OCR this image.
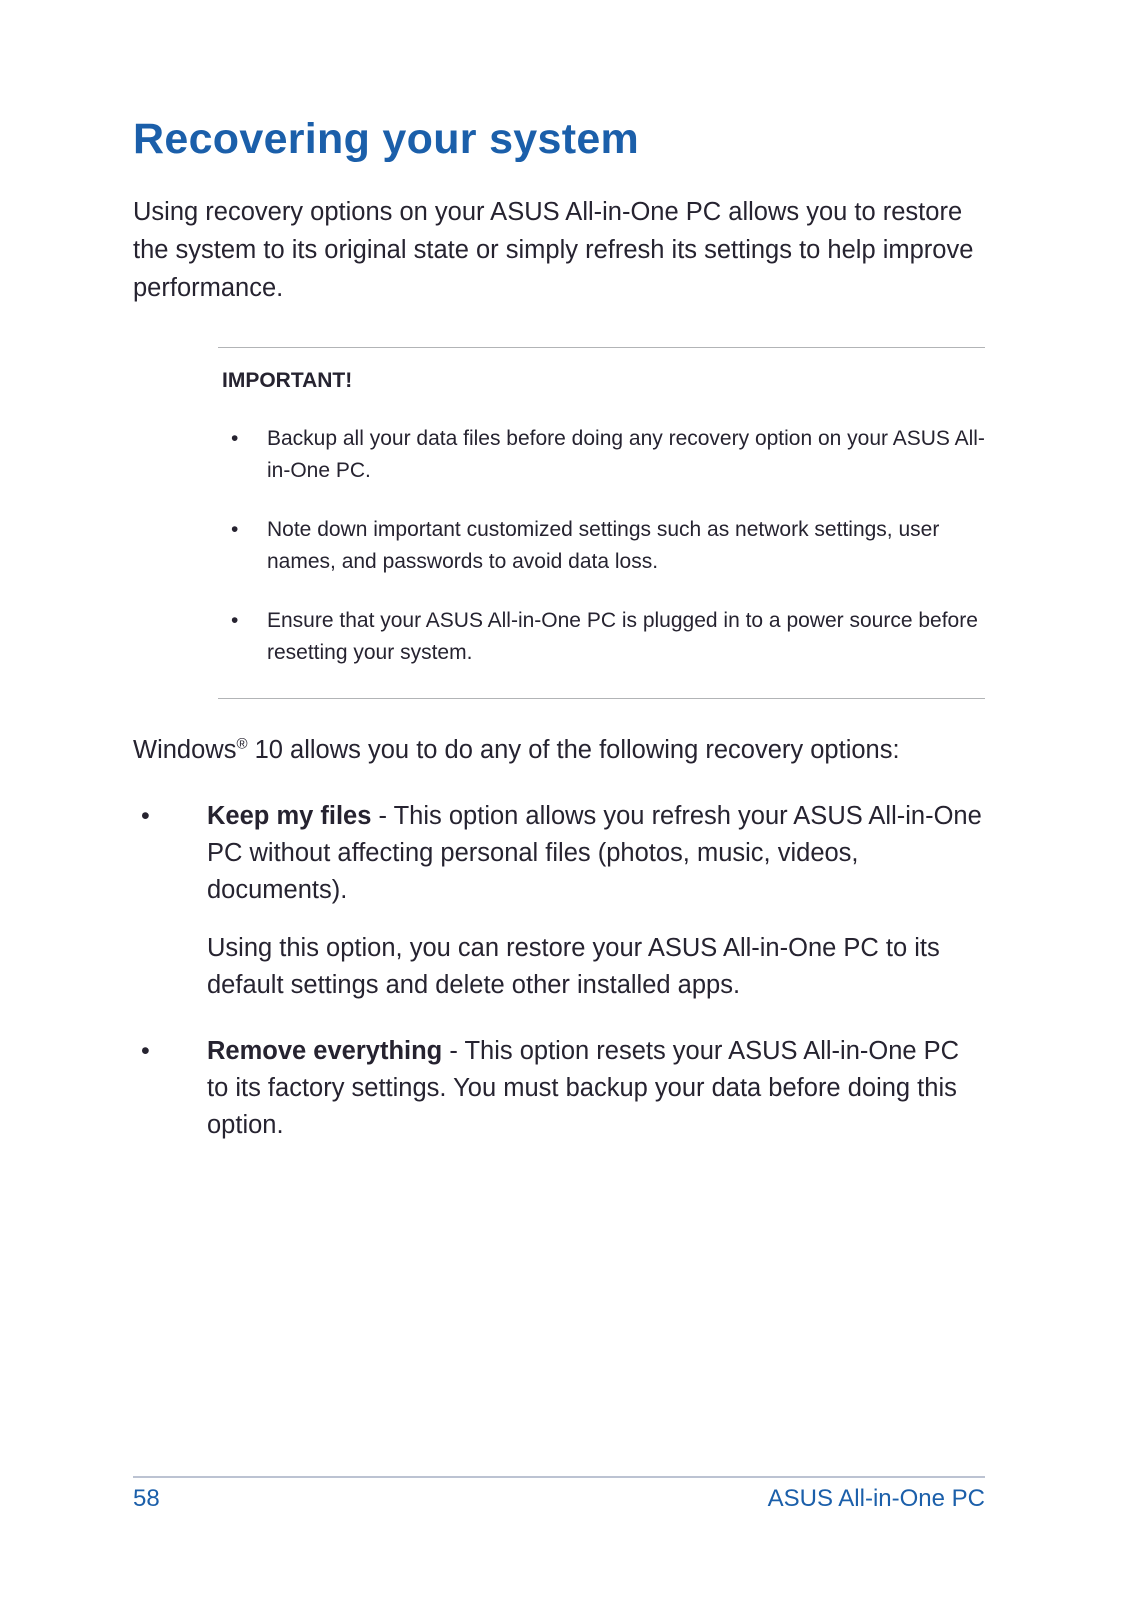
Recovering your system

Using recovery options on your ASUS All-in-One PC allows you to restore the system to its original state or simply refresh its settings to help improve performance.

IMPORTANT!
•	Backup all your data files before doing any recovery option on your ASUS All-in-One PC.
•	Note down important customized settings such as network settings, user names, and passwords to avoid data loss.
•	Ensure that your ASUS All-in-One PC is plugged in to a power source before resetting your system.

Windows® 10 allows you to do any of the following recovery options:

•	Keep my files - This option allows you refresh your ASUS All-in-One PC without affecting personal files (photos, music, videos, documents).

Using this option, you can restore your ASUS All-in-One PC to its default settings and delete other installed apps.

•	Remove everything - This option resets your ASUS All-in-One PC to its factory settings. You must backup your data before doing this option.

58	ASUS All-in-One PC
